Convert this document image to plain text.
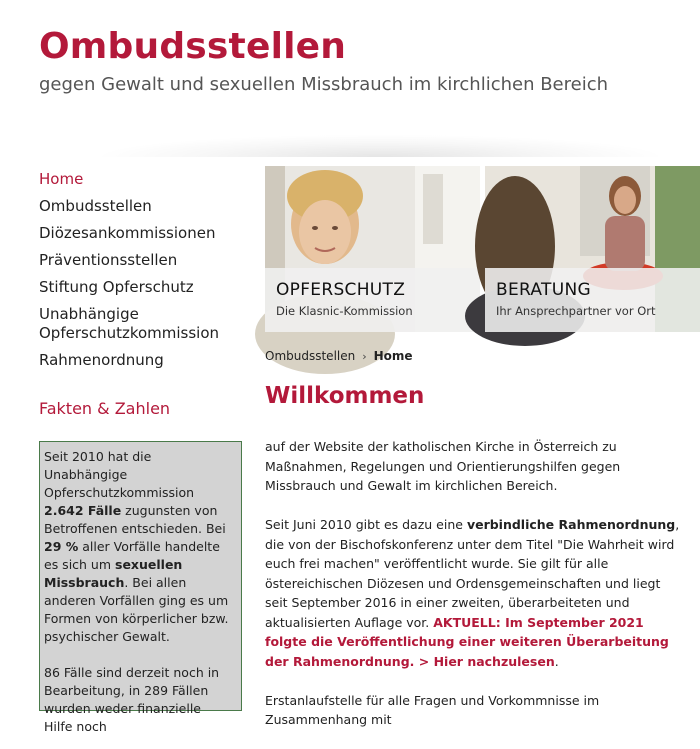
Ombudsstellen
gegen Gewalt und sexuellen Missbrauch im kirchlichen Bereich
Home
Ombudsstellen
Diözesankommissionen
Präventionsstellen
Stiftung Opferschutz
Unabhängige Opferschutzkommission
Rahmenordnung
Fakten & Zahlen

Seit 2010 hat die Unabhängige Opferschutzkommission 2.642 Fälle zugunsten von Betroffenen entschieden. Bei 29 % aller Vorfälle handelte es sich um sexuellen Missbrauch. Bei allen anderen Vorfällen ging es um Formen von körperlicher bzw. psychischer Gewalt.

86 Fälle sind derzeit noch in Bearbeitung, in 289 Fällen wurden weder finanzielle Hilfe noch

OPFERSCHUTZ
Die Klasnic-Kommission
BERATUNG
Ihr Ansprechpartner vor Ort
Ombudsstellen › Home
Willkommen

auf der Website der katholischen Kirche in Österreich zu Maßnahmen, Regelungen und Orientierungshilfen gegen Missbrauch und Gewalt im kirchlichen Bereich.

Seit Juni 2010 gibt es dazu eine verbindliche Rahmenordnung, die von der Bischofskonferenz unter dem Titel "Die Wahrheit wird euch frei machen" veröffentlicht wurde. Sie gilt für alle östereichischen Diözesen und Ordensgemeinschaften und liegt seit September 2016 in einer zweiten, überarbeiteten und aktualisierten Auflage vor. AKTUELL: Im September 2021 folgte die Veröffentlichung einer weiteren Überarbeitung der Rahmenordnung. > Hier nachzulesen.

Erstanlaufstelle für alle Fragen und Vorkommnisse im Zusammenhang mit
